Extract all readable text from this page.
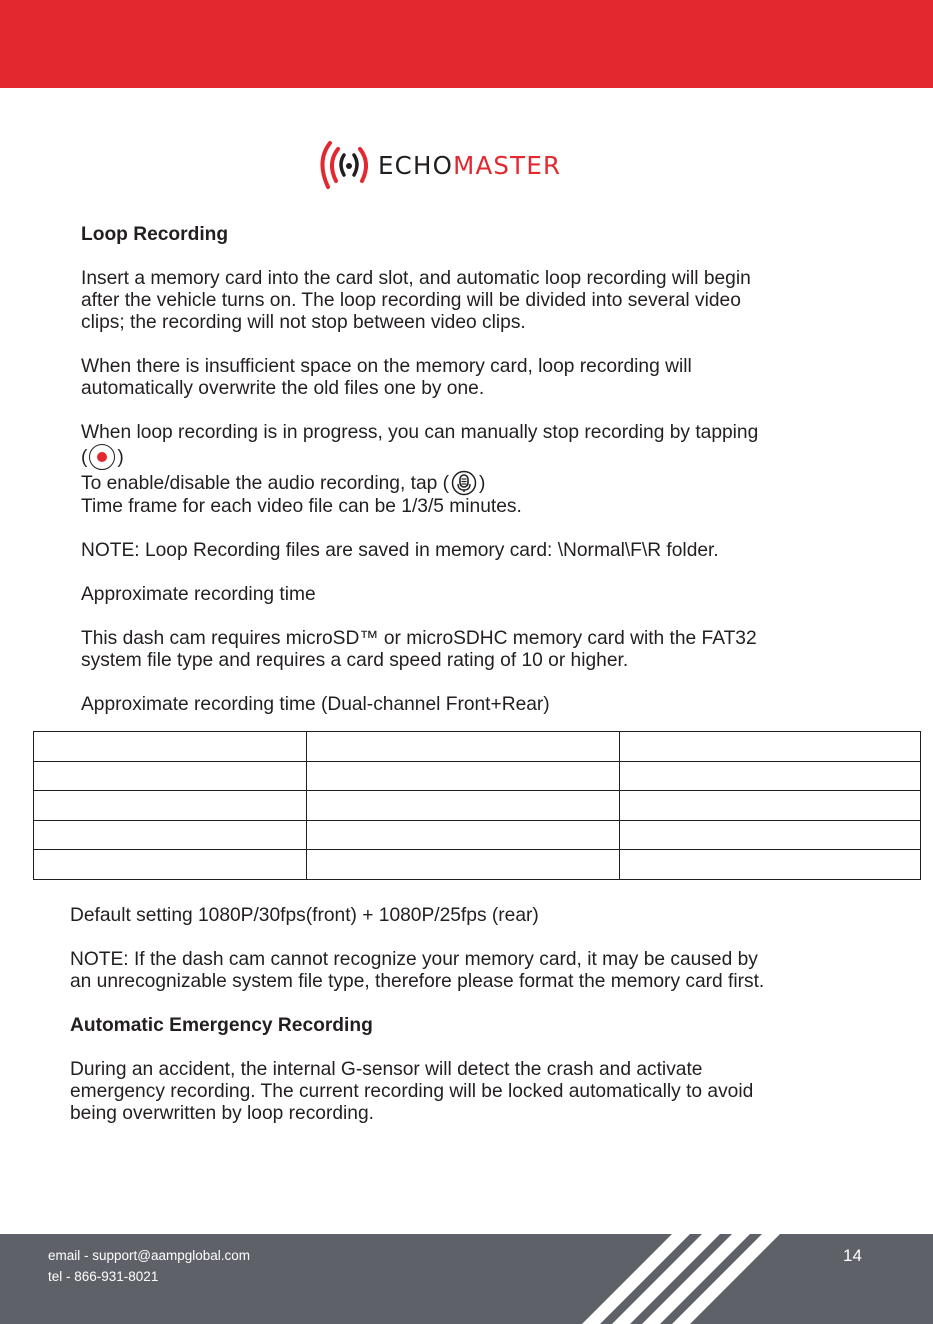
ECHOMASTER

Loop Recording

Insert a memory card into the card slot, and automatic loop recording will begin

after the vehicle turns on. The loop recording will be divided into several video

clips; the recording will not stop between video clips.

When there is insufficient space on the memory card, loop recording will

automatically overwrite the old files one by one.

When loop recording is in progress, you can manually stop recording by tapping

( )

To enable/disable the audio recording, tap ( )

Time frame for each video file can be 1/3/5 minutes.

NOTE: Loop Recording files are saved in memory card: \Normal\F\R folder.

Approximate recording time

This dash cam requires microSD™ or microSDHC memory card with the FAT32

system file type and requires a card speed rating of 10 or higher.

Approximate recording time (Dual-channel Front+Rear)

Default setting 1080P/30fps(front) + 1080P/25fps (rear)

NOTE: If the dash cam cannot recognize your memory card, it may be caused by

an unrecognizable system file type, therefore please format the memory card first.

Automatic Emergency Recording

During an accident, the internal G-sensor will detect the crash and activate

emergency recording. The current recording will be locked automatically to avoid

being overwritten by loop recording.

email - support@aampglobal.com
tel - 866-931-8021
14
